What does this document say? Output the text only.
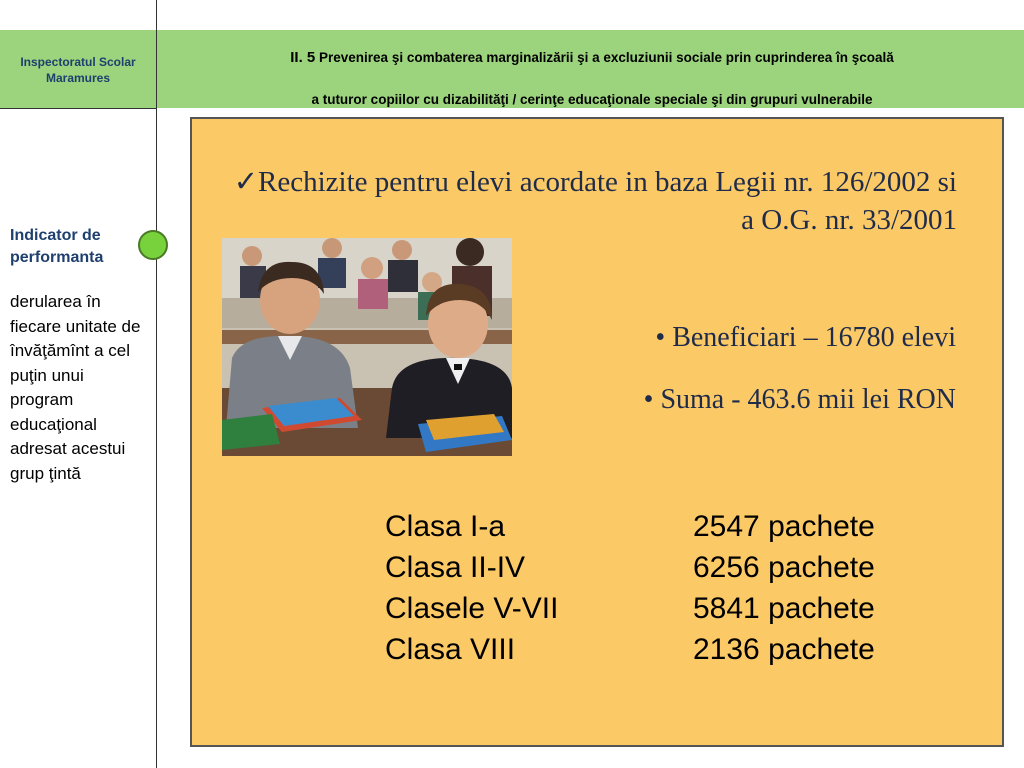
Inspectoratul Scolar Maramures
II. 5 Prevenirea şi combaterea marginalizării şi a excluziunii sociale prin cuprinderea în şcoală
a tuturor copiilor cu dizabilităţi / cerinţe educaţionale speciale şi din grupuri vulnerabile
Indicator de performanta
derularea în fiecare unitate de învăţămînt a cel puţin unui program educaţional adresat acestui grup ţintă
✓Rechizite pentru elevi acordate in baza Legii nr. 126/2002 si a O.G. nr. 33/2001
• Beneficiari – 16780 elevi
• Suma - 463.6 mii lei RON
Clasa I-a	2547 pachete
Clasa II-IV	6256 pachete
Clasele V-VII	5841 pachete
Clasa VIII	2136 pachete
